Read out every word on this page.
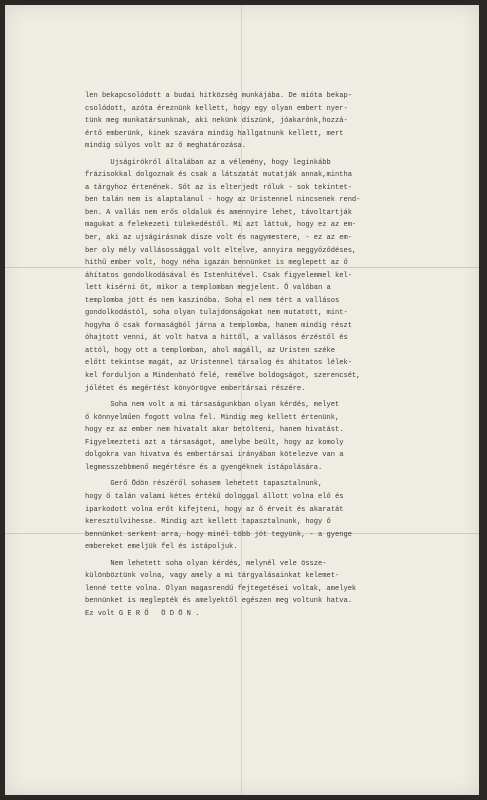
len bekapcsolódott a budai hitközség munkájába. De mióta bekap-
csolódott, azóta éreznünk kellett, hogy egy olyan embert nyer-
tünk meg munkatársunknak, aki nekünk díszünk, jóakarónk,hozzá-
értő emberünk, kinek szavára mindig hallgatnunk kellett, mert
mindig súlyos volt az ő meghatározása.
Ujságírókról általában az a vélemény, hogy leginkább
frázisokkal dolgoznak és csak a látszatát mutatják annak,mintha
a tárgyhoz értenének. Sőt az is elterjedt róluk - sok tekintet-
ben talán nem is alaptalanul - hogy az Uristennel nincsenek rend-
ben. A vallás nem erős oldaluk és amennyire lehet, távoltartják
magukat a felekezeti tülekedéstől. Mi azt láttuk, hogy ez az em-
ber, aki az ujságírásnak dísze volt és nagymestere, - ez az em-
ber oly mély vallásossággal volt eltelve, annyira meggyőződéses,
hithű ember volt, hogy néha igazán bennünket is meglepett az ő
áhítatos gondolkodásával és Istenhitével. Csak figyelemmel kel-
lett kisérni őt, mikor a templomban megjelent. Ő valóban a
templomba jött és nem kaszinóba. Soha el nem tért a vallásos
gondolkodástól, soha olyan tulajdonságokat nem mutatott, mint-
hogyha ő csak formaságból járna a templomba, hanem mindig részt
óhajtott venni, át volt hatva a hittől, a vallásos érzéstől és
attól, hogy ott a templomban, ahol magáll, az Uristen széke
előtt tekintse magát, az Uristennel társalog és áhítatos lélek-
kel forduljon a Mindenható felé, remélve boldogságot, szerencsét,
jólétet és megértést könyörögve embertársai részére.
Soha nem volt a mi társaságunkban olyan kérdés, melyet
ő könnyelműen fogott volna fel. Mindig meg kellett értenünk,
hogy ez az ember nem hivatalt akar betölteni, hanem hivatást.
Figyelmezteti azt a társaságot, amelybe beült, hogy az komoly
dolgokra van hivatva és embertársai irányában kötelezve van a
legmesszebbmenő megértésre és a gyengéknek istápolására.
Gerő Ödön részéről sohasem lehetett tapasztalnunk,
hogy ő talán valami kétes értékű dologgal állott volna elő és
iparkodott volna erőt kifejteni, hogy az ő érveit és akaratát
keresztülvihesse. Mindig azt kellett tapasztalnunk, hogy ő
bennünket serkent arra, hogy minél több jót tegyünk, - a gyenge
embereket emeljük fel és istápoljuk.
Nem lehetett soha olyan kérdés, melynél vele össze-
különböztünk volna, vagy amely a mi tárgyalásainkat kelemet-
lenné tette volna. Olyan magasrendű fejtegetései voltak, amelyek
bennünket is meglepték és amelyektől egészen meg voltunk hatva.
Ez volt G E R Ő   Ö D Ö N .
